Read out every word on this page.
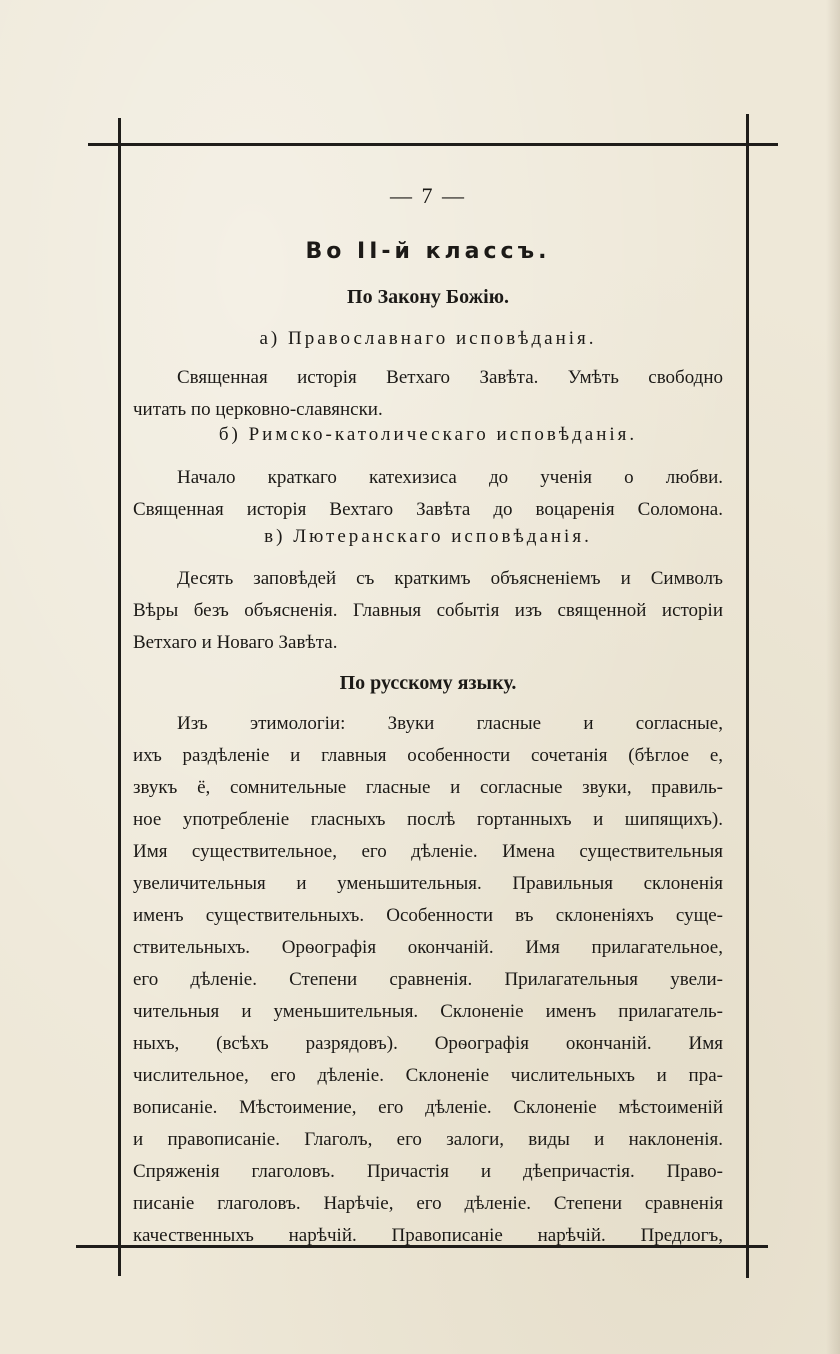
— 7 —
Во II-й классъ.
По Закону Божію.
а) Православнаго исповѣданія.
Священная исторія Ветхаго Завѣта. Умѣть свободно
читать по церковно-славянски.
б) Римско-католическаго исповѣданія.
Начало краткаго катехизиса до ученія о любви.
Священная исторія Вехтаго Завѣта до воцаренія Соломона.
в) Лютеранскаго исповѣданія.
Десять заповѣдей съ краткимъ объясненіемъ и Символъ
Вѣры безъ объясненія. Главныя событія изъ священной исторіи
Ветхаго и Новаго Завѣта.
По русскому языку.
Изъ этимологіи: Звуки гласные и согласные,
ихъ раздѣленіе и главныя особенности сочетанія (бѣглое е,
звукъ ё, сомнительные гласные и согласные звуки, правиль-
ное употребленіе гласныхъ послѣ гортанныхъ и шипящихъ).
Имя существительное, его дѣленіе. Имена существительныя
увеличительныя и уменьшительныя. Правильныя склоненія
именъ существительныхъ. Особенности въ склоненіяхъ суще-
ствительныхъ. Орѳографія окончаній. Имя прилагательное,
его дѣленіе. Степени сравненія. Прилагательныя увели-
чительныя и уменьшительныя. Склоненіе именъ прилагатель-
ныхъ, (всѣхъ разрядовъ). Орѳографія окончаній. Имя
числительное, его дѣленіе. Склоненіе числительныхъ и пра-
вописаніе. Мѣстоимение, его дѣленіе. Склоненіе мѣстоименій
и правописаніе. Глаголъ, его залоги, виды и наклоненія.
Спряженія глаголовъ. Причастія и дѣепричастія. Право-
писаніе глаголовъ. Нарѣчіе, его дѣленіе. Степени сравненія
качественныхъ нарѣчій. Правописаніе нарѣчій. Предлогъ,
